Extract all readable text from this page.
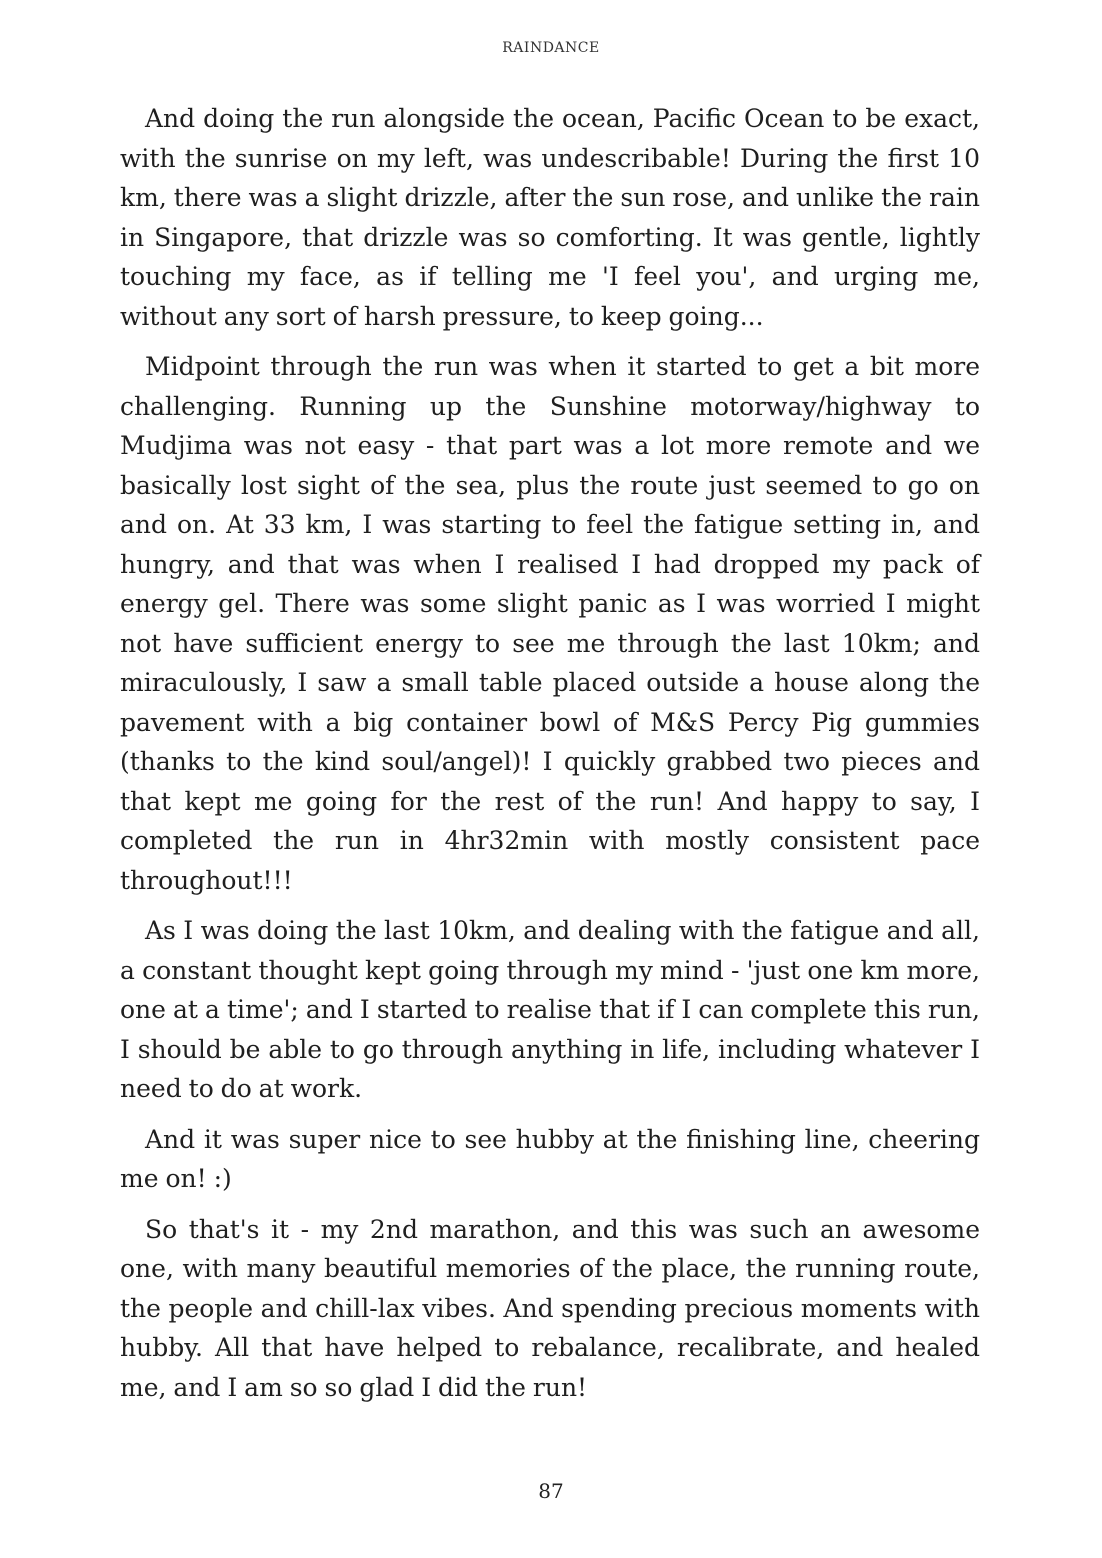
RAINDANCE

And doing the run alongside the ocean, Pacific Ocean to be exact, with the sunrise on my left, was undescribable! During the first 10 km, there was a slight drizzle, after the sun rose, and unlike the rain in Singapore, that drizzle was so comforting. It was gentle, lightly touching my face, as if telling me 'I feel you', and urging me, without any sort of harsh pressure, to keep going...

Midpoint through the run was when it started to get a bit more challenging. Running up the Sunshine motorway/highway to Mudjima was not easy - that part was a lot more remote and we basically lost sight of the sea, plus the route just seemed to go on and on. At 33 km, I was starting to feel the fatigue setting in, and hungry, and that was when I realised I had dropped my pack of energy gel. There was some slight panic as I was worried I might not have sufficient energy to see me through the last 10km; and miraculously, I saw a small table placed outside a house along the pavement with a big container bowl of M&S Percy Pig gummies (thanks to the kind soul/angel)! I quickly grabbed two pieces and that kept me going for the rest of the run! And happy to say, I completed the run in 4hr32min with mostly consistent pace throughout!!!

As I was doing the last 10km, and dealing with the fatigue and all, a constant thought kept going through my mind - 'just one km more, one at a time'; and I started to realise that if I can complete this run, I should be able to go through anything in life, including whatever I need to do at work.

And it was super nice to see hubby at the finishing line, cheering me on! :)

So that's it - my 2nd marathon, and this was such an awesome one, with many beautiful memories of the place, the running route, the people and chill-lax vibes. And spending precious moments with hubby. All that have helped to rebalance, recalibrate, and healed me, and I am so so glad I did the run!

87
